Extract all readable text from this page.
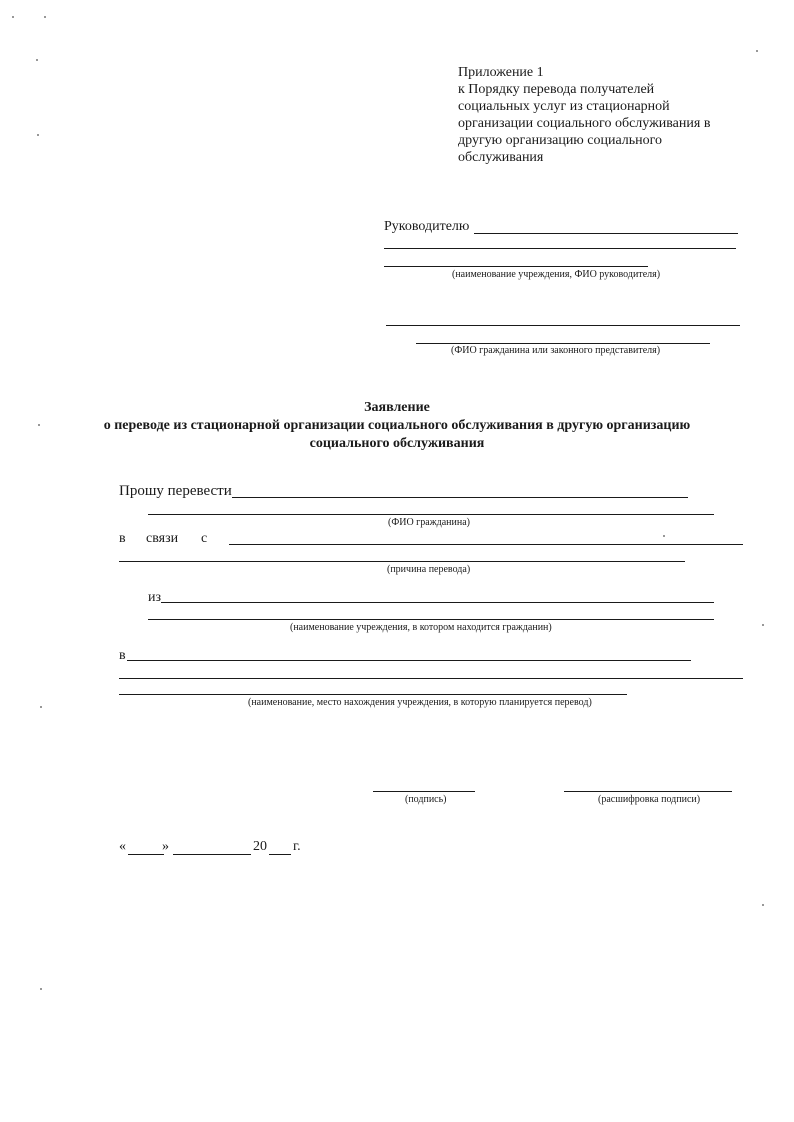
Приложение 1
к Порядку перевода получателей
социальных услуг из стационарной
организации социального обслуживания в
другую организацию социального
обслуживания
Руководителю
(наименование учреждения, ФИО руководителя)
(ФИО гражданина или законного представителя)
Заявление
о переводе из стационарной организации социального обслуживания в другую организацию
социального обслуживания
Прошу перевести
(ФИО гражданина)
в связи с
(причина перевода)
из
(наименование учреждения, в котором находится гражданин)
в
(наименование, место нахождения учреждения, в которую планируется перевод)
(подпись)	(расшифровка подписи)
«	»	20 г.
